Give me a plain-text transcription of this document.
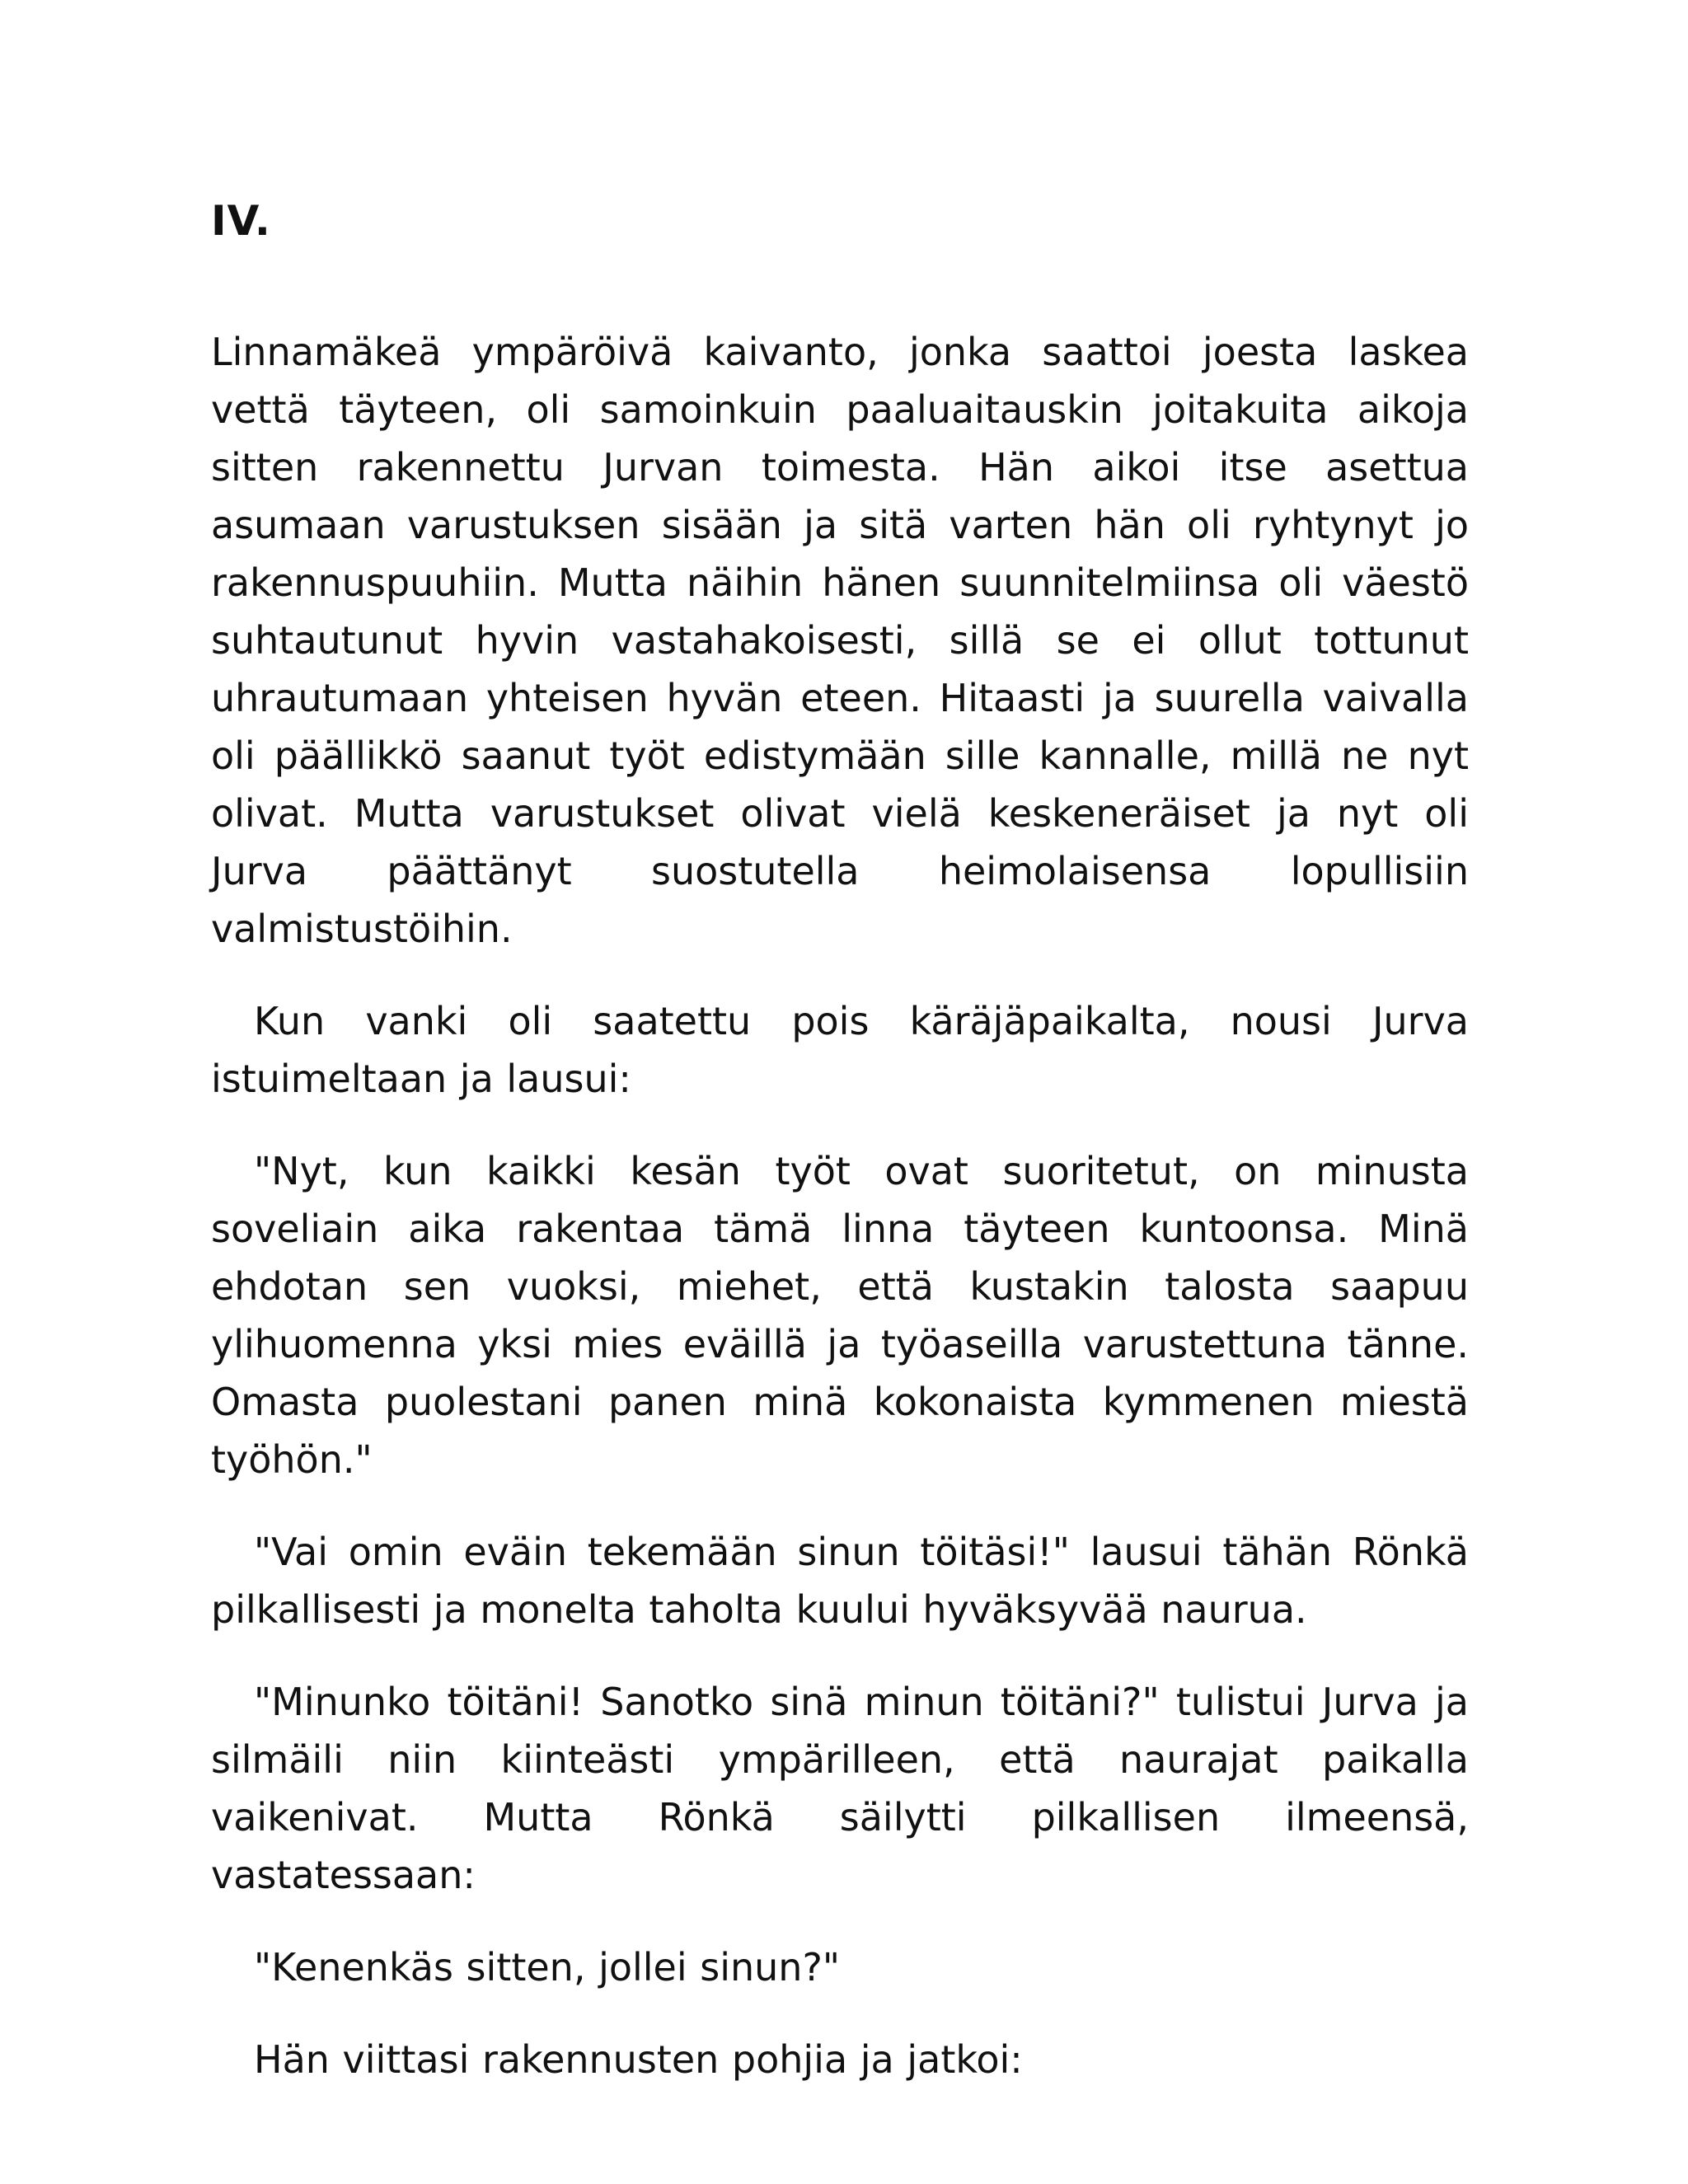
IV.

Linnamäkeä ympäröivä kaivanto, jonka saattoi joesta laskea vettä täyteen, oli samoinkuin paaluaitauskin joitakuita aikoja sitten rakennettu Jurvan toimesta. Hän aikoi itse asettua asumaan varustuksen sisään ja sitä varten hän oli ryhtynyt jo rakennuspuuhiin. Mutta näihin hänen suunnitelmiinsa oli väestö suhtautunut hyvin vastahakoisesti, sillä se ei ollut tottunut uhrautumaan yhteisen hyvän eteen. Hitaasti ja suurella vaivalla oli päällikkö saanut työt edistymään sille kannalle, millä ne nyt olivat. Mutta varustukset olivat vielä keskeneräiset ja nyt oli Jurva päättänyt suostutella heimolaisensa lopullisiin valmistustöihin.

Kun vanki oli saatettu pois käräjäpaikalta, nousi Jurva istuimeltaan ja lausui:

"Nyt, kun kaikki kesän työt ovat suoritetut, on minusta soveliain aika rakentaa tämä linna täyteen kuntoonsa. Minä ehdotan sen vuoksi, miehet, että kustakin talosta saapuu ylihuomenna yksi mies eväillä ja työaseilla varustettuna tänne. Omasta puolestani panen minä kokonaista kymmenen miestä työhön."

"Vai omin eväin tekemään sinun töitäsi!" lausui tähän Rönkä pilkallisesti ja monelta taholta kuului hyväksyvää naurua.

"Minunko töitäni! Sanotko sinä minun töitäni?" tulistui Jurva ja silmäili niin kiinteästi ympärilleen, että naurajat paikalla vaikenivat. Mutta Rönkä säilytti pilkallisen ilmeensä, vastatessaan:

"Kenenkäs sitten, jollei sinun?"

Hän viittasi rakennusten pohjia ja jatkoi:
